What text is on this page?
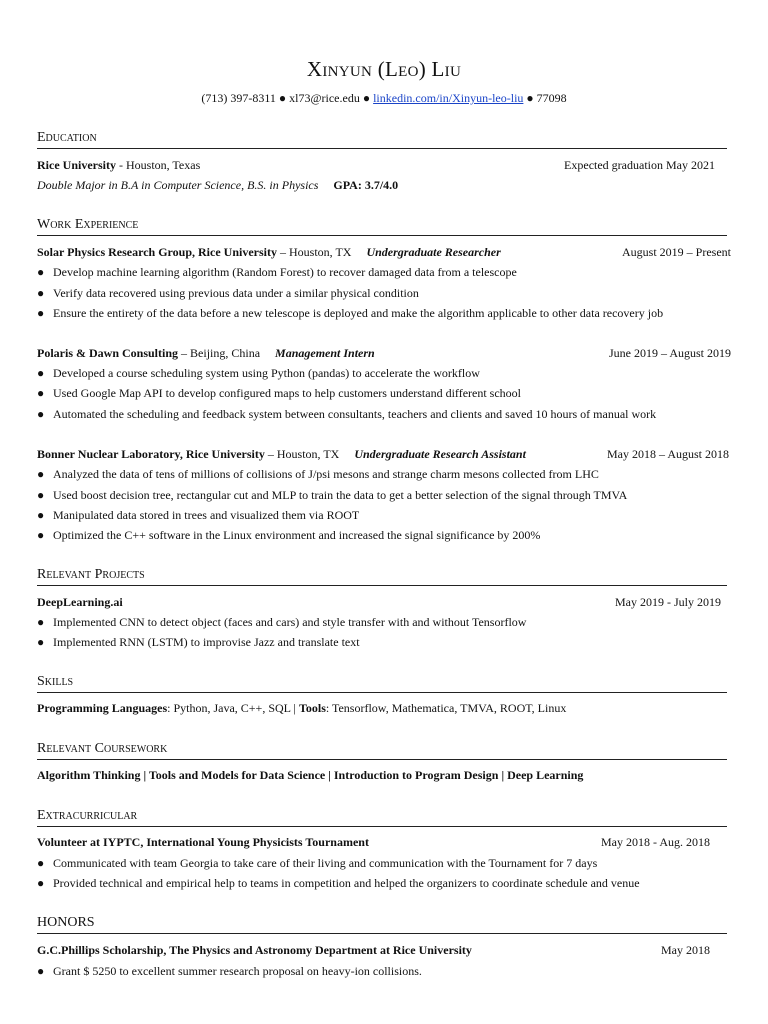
Xinyun (Leo) Liu
(713) 397-8311 ● xl73@rice.edu ● linkedin.com/in/Xinyun-leo-liu ● 77098
Education
Rice University - Houston, Texas	Expected graduation May 2021
Double Major in B.A in Computer Science, B.S. in Physics GPA: 3.7/4.0
Work Experience
Solar Physics Research Group, Rice University – Houston, TX Undergraduate Researcher	August 2019 – Present
● Develop machine learning algorithm (Random Forest) to recover damaged data from a telescope
● Verify data recovered using previous data under a similar physical condition
● Ensure the entirety of the data before a new telescope is deployed and make the algorithm applicable to other data recovery job
Polaris & Dawn Consulting – Beijing, China Management Intern	June 2019 – August 2019
● Developed a course scheduling system using Python (pandas) to accelerate the workflow
● Used Google Map API to develop configured maps to help customers understand different school
● Automated the scheduling and feedback system between consultants, teachers and clients and saved 10 hours of manual work
Bonner Nuclear Laboratory, Rice University – Houston, TX Undergraduate Research Assistant	May 2018 – August 2018
● Analyzed the data of tens of millions of collisions of J/psi mesons and strange charm mesons collected from LHC
● Used boost decision tree, rectangular cut and MLP to train the data to get a better selection of the signal through TMVA
● Manipulated data stored in trees and visualized them via ROOT
● Optimized the C++ software in the Linux environment and increased the signal significance by 200%
Relevant Projects
DeepLearning.ai	May 2019 - July 2019
● Implemented CNN to detect object (faces and cars) and style transfer with and without Tensorflow
● Implemented RNN (LSTM) to improvise Jazz and translate text
Skills
Programming Languages: Python, Java, C++, SQL | Tools: Tensorflow, Mathematica, TMVA, ROOT, Linux
Relevant Coursework
Algorithm Thinking | Tools and Models for Data Science | Introduction to Program Design | Deep Learning
Extracurricular
Volunteer at IYPTC, International Young Physicists Tournament	May 2018 - Aug. 2018
● Communicated with team Georgia to take care of their living and communication with the Tournament for 7 days
● Provided technical and empirical help to teams in competition and helped the organizers to coordinate schedule and venue
HONORS
G.C.Phillips Scholarship, The Physics and Astronomy Department at Rice University	May 2018
● Grant $ 5250 to excellent summer research proposal on heavy-ion collisions.
